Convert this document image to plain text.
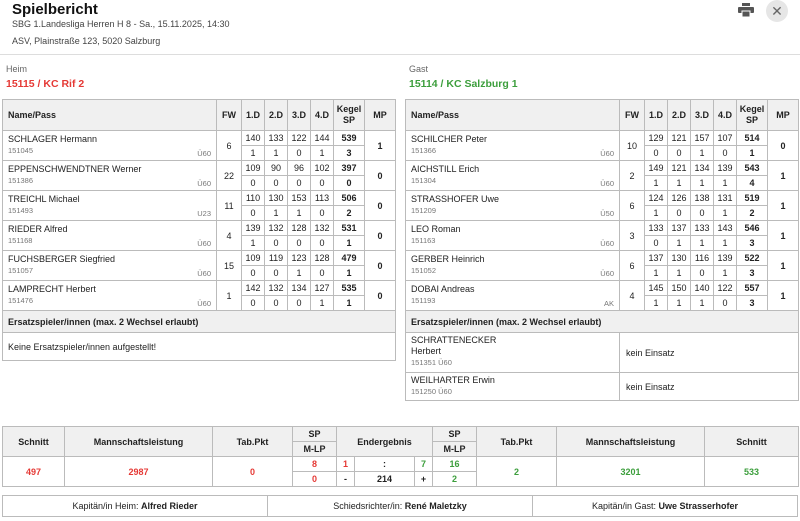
Spielbericht
SBG 1.Landesliga Herren H 8 - Sa., 15.11.2025, 14:30
ASV, Plainstraße 123, 5020 Salzburg
✕
Heim
15115 / KC Rif 2
Gast
15114 / KC Salzburg 1
Name/Pass	FW	1.D	2.D	3.D	4.D	Kegel
SP	MP

SCHLAGER Hermann
151045 Ü60	6	140	133	122	144	539	1
		1	1	0	1	3	

EPPENSCHWENDTNER Werner
151386 Ü60	22	109	90	96	102	397	0
		0	0	0	0	0	

TREICHL Michael
151493 U23	11	110	130	153	113	506	0
		0	1	1	0	2	

RIEDER Alfred
151168 Ü60	4	139	132	128	132	531	0
		1	0	0	0	1	

FUCHSBERGER Siegfried
151057 Ü60	15	109	119	123	128	479	0
		0	0	1	0	1	

LAMPRECHT Herbert
151476 Ü60	1	142	132	134	127	535	0
		0	0	0	1	1	
Ersatzspieler/innen (max. 2 Wechsel erlaubt)							
Keine Ersatzspieler/innen aufgestellt!							
Name/Pass	FW	1.D	2.D	3.D	4.D	Kegel
SP	MP

SCHILCHER Peter
151366 Ü60	10	129	121	157	107	514	0
		0	0	1	0	1	

AICHSTILL Erich
151304 Ü60	2	149	121	134	139	543	1
		1	1	1	1	4	

STRASSHOFER Uwe
151209 Ü50	6	124	126	138	131	519	1
		1	0	0	1	2	

LEO Roman
151163 Ü60	3	133	137	133	143	546	1
		0	1	1	1	3	

GERBER Heinrich
151052 Ü60	6	137	130	116	139	522	1
		1	1	0	1	3	

DOBAI Andreas
151193 AK	4	145	150	140	122	557	1
		1	1	1	0	3	
Ersatzspieler/innen (max. 2 Wechsel erlaubt)							

SCHRATTENECKER
Herbert
151351 Ü60	kein Einsatz						

WEILHARTER Erwin
151250 Ü60	kein Einsatz						
Schnitt	Mannschaftsleistung	Tab.Pkt	SP	Endergebnis			SP	Tab.Pkt	Mannschaftsleistung	Schnitt
			M-LP				M-LP			
497	2987	0	8	1	:	7	16	2	3201	533
			0	-	214	+	2			
Kapitän/in Heim: Alfred Rieder	Schiedsrichter/in: René Maletzky	Kapitän/in Gast: Uwe Strasserhofer
